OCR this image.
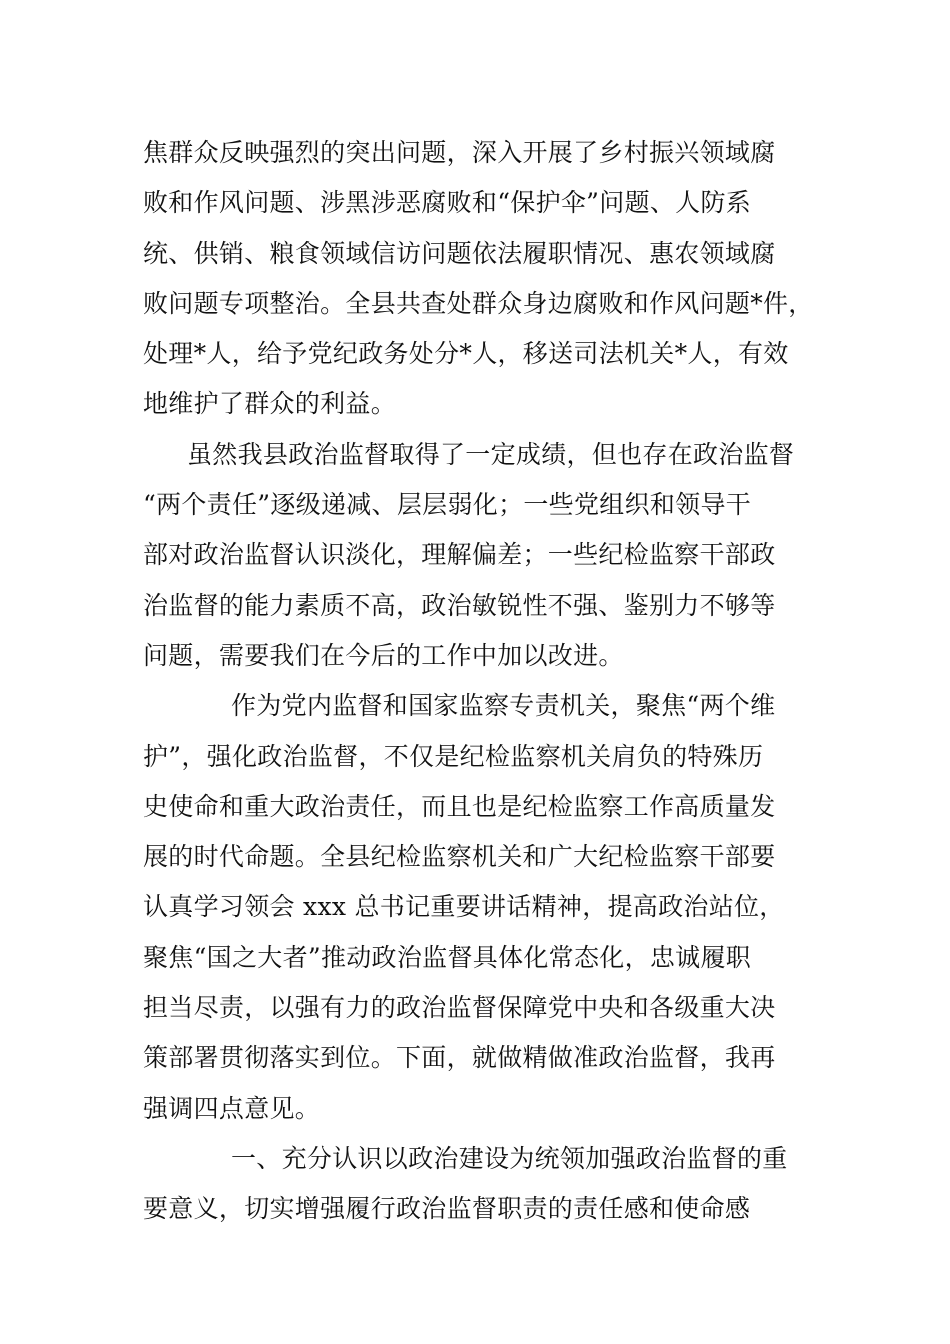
焦群众反映强烈的突出问题，深入开展了乡村振兴领域腐
败和作风问题、涉黑涉恶腐败和“保护伞”问题、人防系
统、供销、粮食领域信访问题依法履职情况、惠农领域腐
败问题专项整治。全县共查处群众身边腐败和作风问题*件，
处理*人，给予党纪政务处分*人，移送司法机关*人，有效
地维护了群众的利益。
虽然我县政治监督取得了一定成绩，但也存在政治监督
“两个责任”逐级递减、层层弱化；一些党组织和领导干
部对政治监督认识淡化，理解偏差；一些纪检监察干部政
治监督的能力素质不高，政治敏锐性不强、鉴别力不够等
问题，需要我们在今后的工作中加以改进。
作为党内监督和国家监察专责机关，聚焦“两个维
护”，强化政治监督，不仅是纪检监察机关肩负的特殊历
史使命和重大政治责任，而且也是纪检监察工作高质量发
展的时代命题。全县纪检监察机关和广大纪检监察干部要
认真学习领会 xxx 总书记重要讲话精神，提高政治站位，
聚焦“国之大者”推动政治监督具体化常态化，忠诚履职
担当尽责，以强有力的政治监督保障党中央和各级重大决
策部署贯彻落实到位。下面，就做精做准政治监督，我再
强调四点意见。
一、充分认识以政治建设为统领加强政治监督的重
要意义，切实增强履行政治监督职责的责任感和使命感
